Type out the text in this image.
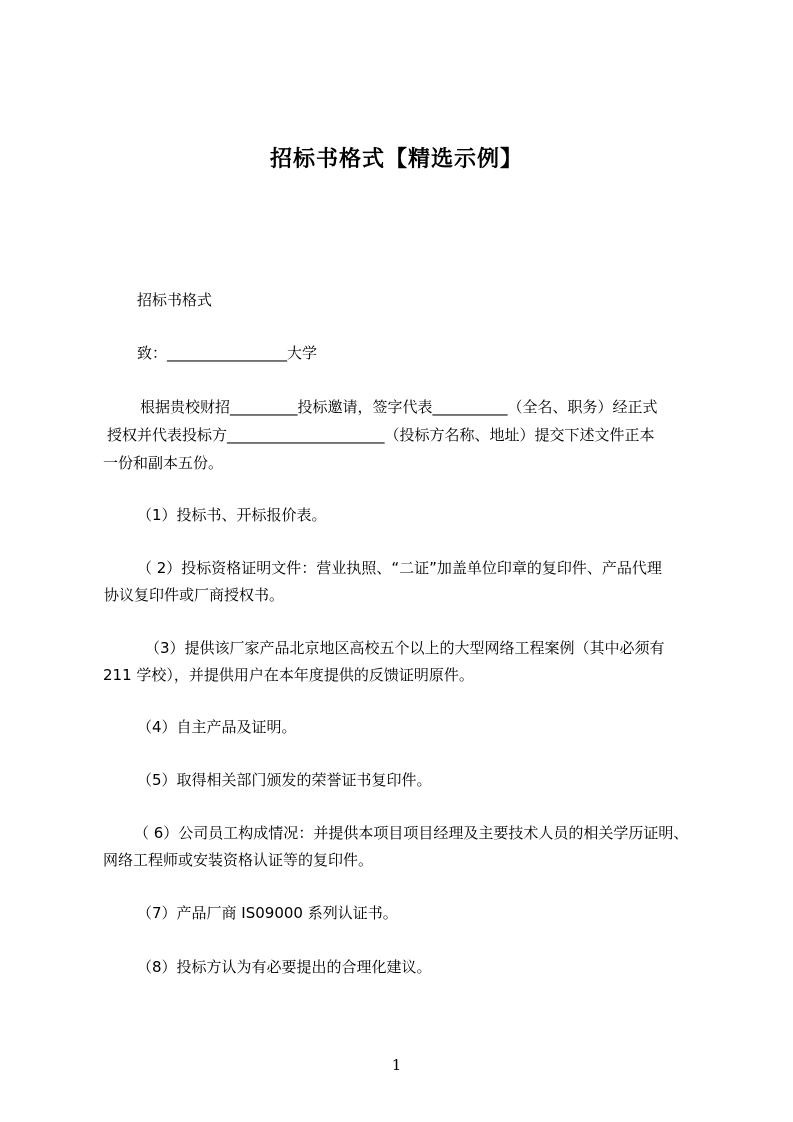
招标书格式【精选示例】
招标书格式
致：________________大学
根据贵校财招_________投标邀请，签字代表__________（全名、职务）经正式
授权并代表投标方_____________________（投标方名称、地址）提交下述文件正本
一份和副本五份。
（1）投标书、开标报价表。
（ 2）投标资格证明文件：营业执照、“二证”加盖单位印章的复印件、产品代理
协议复印件或厂商授权书。
（3）提供该厂家产品北京地区高校五个以上的大型网络工程案例（其中必须有
211 学校），并提供用户在本年度提供的反馈证明原件。
（4）自主产品及证明。
（5）取得相关部门颁发的荣誉证书复印件。
（ 6）公司员工构成情况：并提供本项目项目经理及主要技术人员的相关学历证明、
网络工程师或安装资格认证等的复印件。
（7）产品厂商 IS09000 系列认证书。
（8）投标方认为有必要提出的合理化建议。
1
